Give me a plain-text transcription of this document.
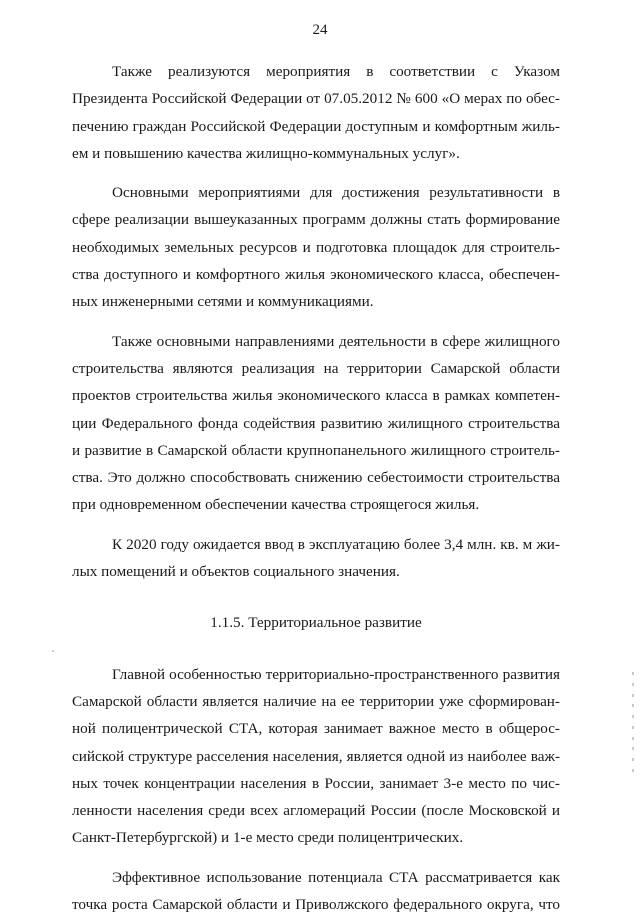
24
Также реализуются мероприятия в соответствии с Указом
Президента Российской Федерации от 07.05.2012 № 600 «О мерах по обес-
печению граждан Российской Федерации доступным и комфортным жиль-
ем и повышению качества жилищно-коммунальных услуг».
Основными мероприятиями для достижения результативности в
сфере реализации вышеуказанных программ должны стать формирование
необходимых земельных ресурсов и подготовка площадок для строитель-
ства доступного и комфортного жилья экономического класса, обеспечен-
ных инженерными сетями и коммуникациями.
Также основными направлениями деятельности в сфере жилищного
строительства являются реализация на территории Самарской области
проектов строительства жилья экономического класса в рамках компетен-
ции Федерального фонда содействия развитию жилищного строительства
и развитие в Самарской области крупнопанельного жилищного строитель-
ства. Это должно способствовать снижению себестоимости строительства
при одновременном обеспечении качества строящегося жилья.
К 2020 году ожидается ввод в эксплуатацию более 3,4 млн. кв. м жи-
лых помещений и объектов социального значения.
1.1.5. Территориальное развитие
Главной особенностью территориально-пространственного развития
Самарской области является наличие на ее территории уже сформирован-
ной полицентрической СТА, которая занимает важное место в общерос-
сийской структуре расселения населения, является одной из наиболее важ-
ных точек концентрации населения в России, занимает 3-е место по чис-
ленности населения среди всех агломераций России (после Московской и
Санкт-Петербургской) и 1-е место среди полицентрических.
Эффективное использование потенциала СТА рассматривается как
точка роста Самарской области и Приволжского федерального округа, что
